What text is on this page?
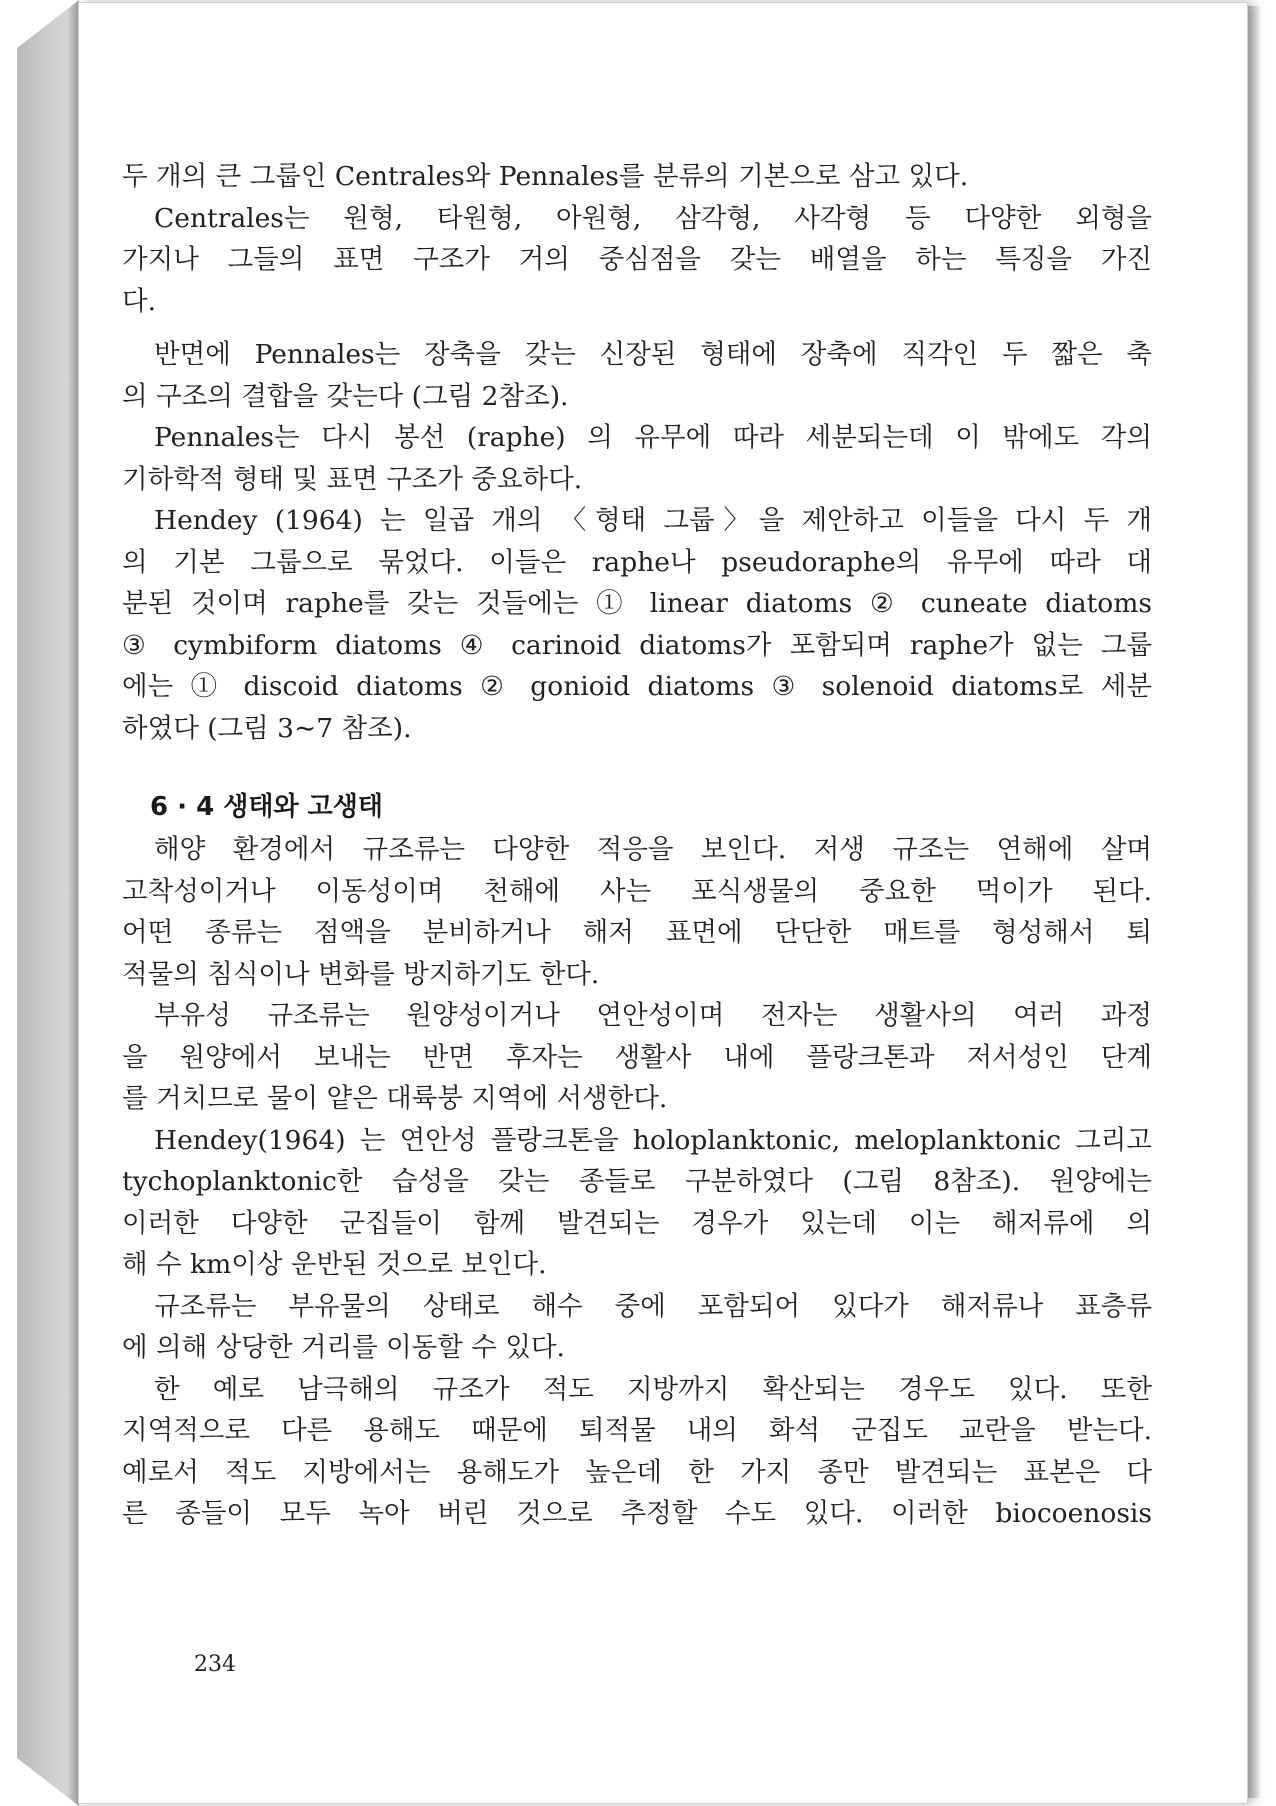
두 개의 큰 그룹인 Centrales와 Pennales를 분류의 기본으로 삼고 있다.
Centrales는 원형, 타원형, 아원형, 삼각형, 사각형 등 다양한 외형을
가지나 그들의 표면 구조가 거의 중심점을 갖는 배열을 하는 특징을 가진
다.
반면에 Pennales는 장축을 갖는 신장된 형태에 장축에 직각인 두 짧은 축
의 구조의 결합을 갖는다 (그림 2참조).
Pennales는 다시 봉선 (raphe) 의 유무에 따라 세분되는데 이 밖에도 각의
기하학적 형태 및 표면 구조가 중요하다.
Hendey (1964) 는 일곱 개의 〈형태 그룹〉을 제안하고 이들을 다시 두 개
의 기본 그룹으로 묶었다. 이들은 raphe나 pseudoraphe의 유무에 따라 대
분된 것이며 raphe를 갖는 것들에는 ① linear diatoms ② cuneate diatoms
③ cymbiform diatoms ④ carinoid diatoms가 포함되며 raphe가 없는 그룹
에는 ① discoid diatoms ② gonioid diatoms ③ solenoid diatoms로 세분
하였다 (그림 3∼7 참조).
6 · 4 생태와 고생태
해양 환경에서 규조류는 다양한 적응을 보인다. 저생 규조는 연해에 살며
고착성이거나 이동성이며 천해에 사는 포식생물의 중요한 먹이가 된다.
어떤 종류는 점액을 분비하거나 해저 표면에 단단한 매트를 형성해서 퇴
적물의 침식이나 변화를 방지하기도 한다.
부유성 규조류는 원양성이거나 연안성이며 전자는 생활사의 여러 과정
을 원양에서 보내는 반면 후자는 생활사 내에 플랑크톤과 저서성인 단계
를 거치므로 물이 얕은 대륙붕 지역에 서생한다.
Hendey(1964) 는 연안성 플랑크톤을 holoplanktonic, meloplanktonic 그리고
tychoplanktonic한 습성을 갖는 종들로 구분하였다 (그림 8참조). 원양에는
이러한 다양한 군집들이 함께 발견되는 경우가 있는데 이는 해저류에 의
해 수 km이상 운반된 것으로 보인다.
규조류는 부유물의 상태로 해수 중에 포함되어 있다가 해저류나 표층류
에 의해 상당한 거리를 이동할 수 있다.
한 예로 남극해의 규조가 적도 지방까지 확산되는 경우도 있다. 또한
지역적으로 다른 용해도 때문에 퇴적물 내의 화석 군집도 교란을 받는다.
예로서 적도 지방에서는 용해도가 높은데 한 가지 종만 발견되는 표본은 다
른 종들이 모두 녹아 버린 것으로 추정할 수도 있다. 이러한 biocoenosis
234
